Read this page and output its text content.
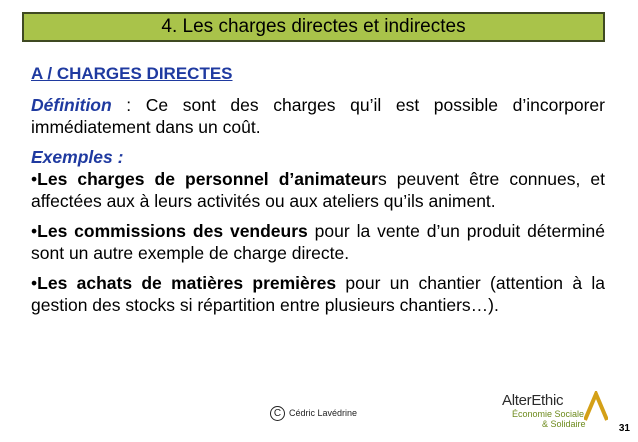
4. Les charges directes et indirectes
A / CHARGES DIRECTES

Définition : Ce sont des charges qu’il est possible d’incorporer immédiatement dans un coût.

Exemples :

•Les charges de personnel d’animateurs peuvent être connues, et affectées aux à leurs activités ou aux ateliers qu’ils animent.

•Les commissions des vendeurs pour la vente d’un produit déterminé sont un autre exemple de charge directe.

•Les achats de matières premières pour un chantier (attention à la gestion des stocks si répartition entre plusieurs chantiers…).

C Cédric Lavédrine
AlterEthic
Économie Sociale
& Solidaire	31
